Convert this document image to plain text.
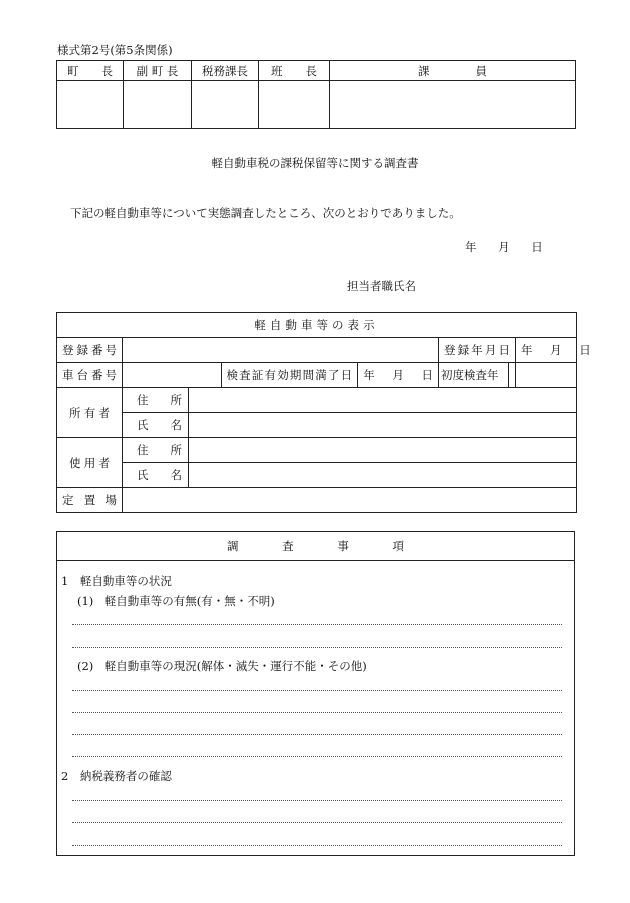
様式第2号(第5条関係)
町　　長	副 町 長	税務課長	班　　長	課　　　　員

軽自動車税の課税保留等に関する調査書
下記の軽自動車等について実態調査したところ、次のとおりでありました。
年 月 日
担当者職氏名
軽自動車等の表示					
登録番号				登録年月日	年 月 日
車台番号			検査証有効期間満了日 年 月 日	初度検査年	

所有者	住所				
	氏名				
使用者	住所				
	氏名				
定置場					
調 査 事 項
1　軽自動車等の状況
(1)　軽自動車等の有無(有・無・不明)
(2)　軽自動車等の現況(解体・滅失・運行不能・その他)
2　納税義務者の確認
